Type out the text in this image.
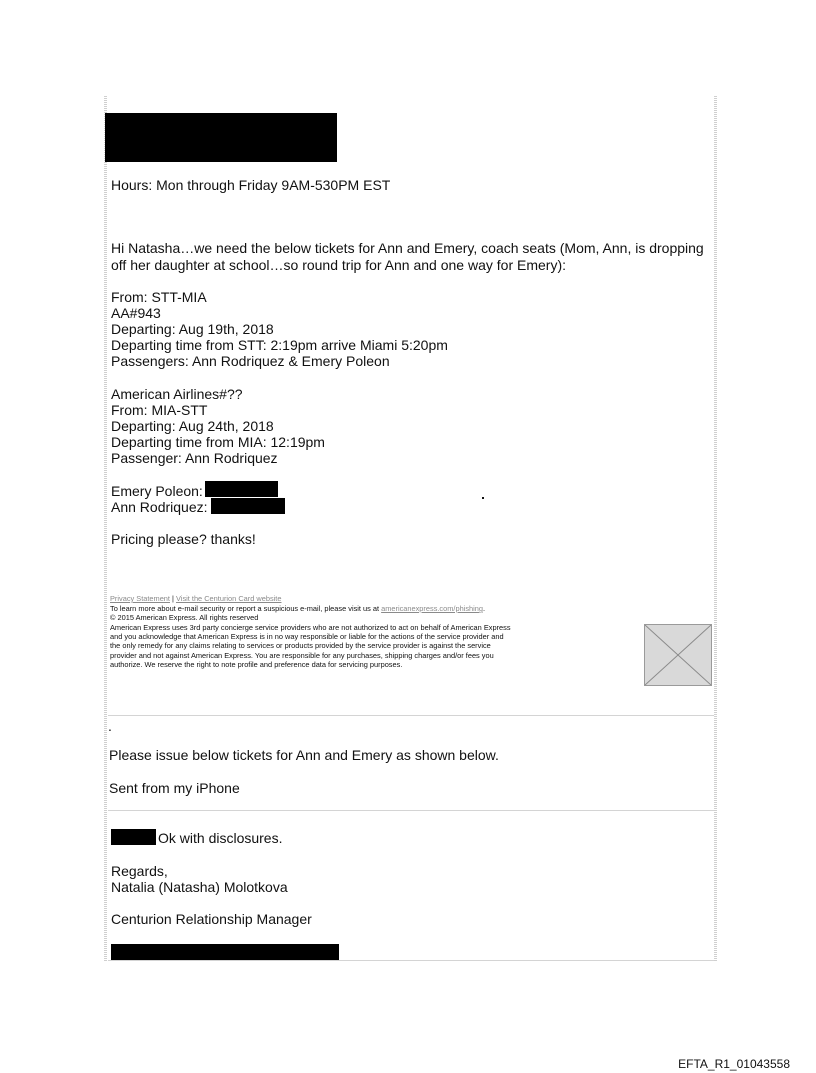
Hours: Mon through Friday 9AM-530PM EST
Hi Natasha…we need the below tickets for Ann and Emery, coach seats (Mom, Ann, is dropping
off her daughter at school…so round trip for Ann and one way for Emery):
From: STT-MIA
AA#943
Departing: Aug 19th, 2018
Departing time from STT: 2:19pm arrive Miami 5:20pm
Passengers: Ann Rodriquez & Emery Poleon
American Airlines#??
From: MIA-STT
Departing: Aug 24th, 2018
Departing time from MIA: 12:19pm
Passenger: Ann Rodriquez
Emery Poleon:
Ann Rodriquez:
Pricing please? thanks!
Privacy Statement | Visit the Centurion Card website
To learn more about e-mail security or report a suspicious e-mail, please visit us at americanexpress.com/phishing.
© 2015 American Express. All rights reserved
American Express uses 3rd party concierge service providers who are not authorized to act on behalf of American Express
and you acknowledge that American Express is in no way responsible or liable for the actions of the service provider and
the only remedy for any claims relating to services or products provided by the service provider is against the service
provider and not against American Express. You are responsible for any purchases, shipping charges and/or fees you
authorize. We reserve the right to note profile and preference data for servicing purposes.
.
Please issue below tickets for Ann and Emery as shown below.
Sent from my iPhone
Ok with disclosures.
Regards,
Natalia (Natasha) Molotkova
Centurion Relationship Manager
EFTA_R1_01043558
